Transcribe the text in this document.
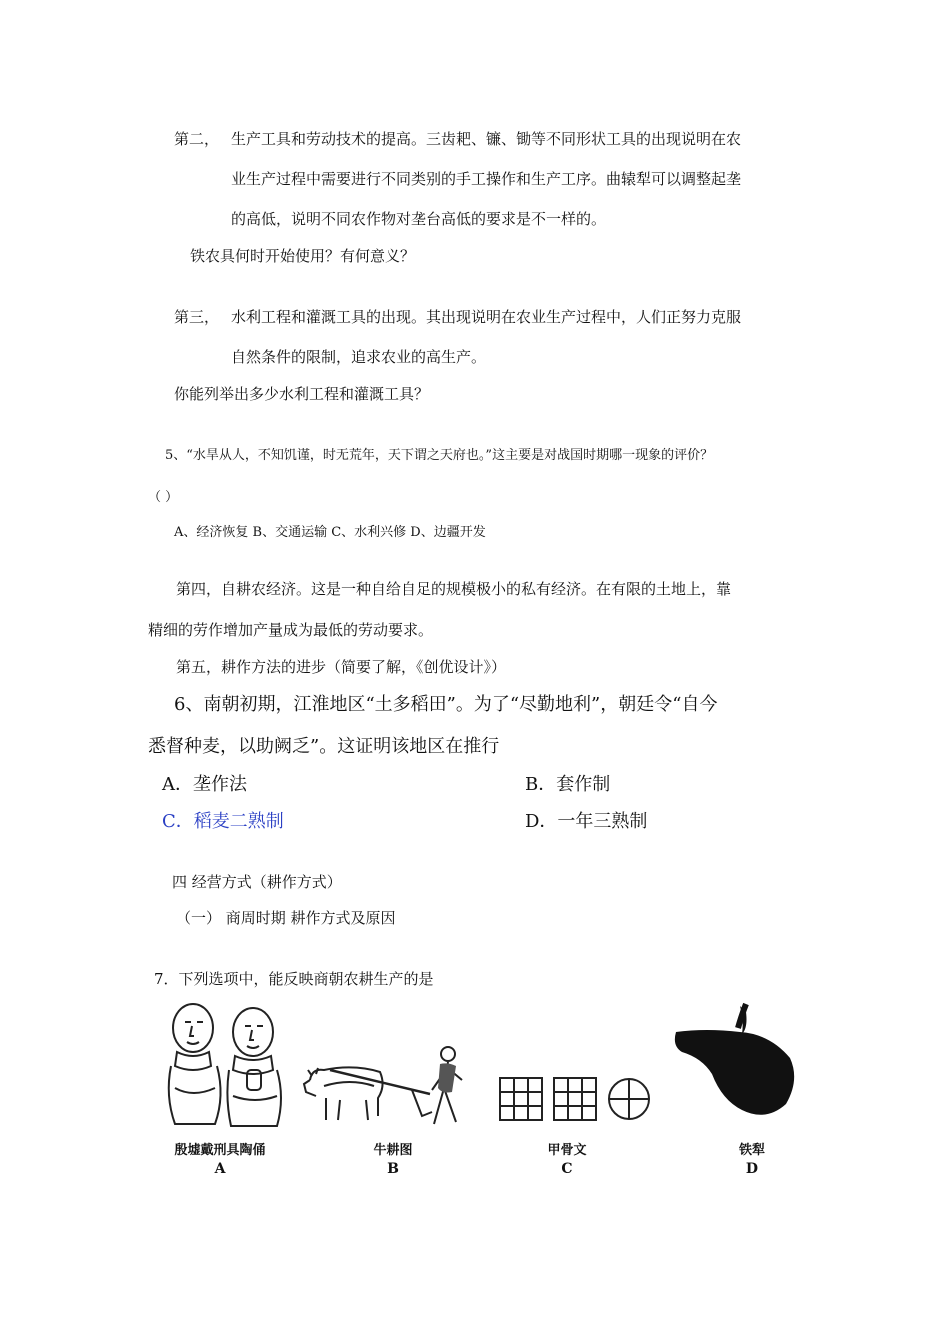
第二， 生产工具和劳动技术的提高。三齿耙、镰、锄等不同形状工具的出现说明在农
业生产过程中需要进行不同类别的手工操作和生产工序。曲辕犁可以调整起垄
的高低，说明不同农作物对垄台高低的要求是不一样的。
铁农具何时开始使用？有何意义？
第三， 水利工程和灌溉工具的出现。其出现说明在农业生产过程中，人们正努力克服
自然条件的限制，追求农业的高生产。
你能列举出多少水利工程和灌溉工具？
5、“水旱从人，不知饥谨，时无荒年，天下谓之天府也。”这主要是对战国时期哪一现象的评价？
（ ）
A、经济恢复 B、交通运输 C、水利兴修 D、边疆开发
第四，自耕农经济。这是一种自给自足的规模极小的私有经济。在有限的土地上，靠
精细的劳作增加产量成为最低的劳动要求。
第五，耕作方法的进步（简要了解，《创优设计》）
6、南朝初期，江淮地区“土多稻田”。为了“尽勤地利”，朝廷令“自今
悉督种麦，以助阙乏”。这证明该地区在推行
A．垄作法	B．套作制
C．稻麦二熟制	D．一年三熟制
四 经营方式（耕作方式）
（一） 商周时期 耕作方式及原因
7．下列选项中，能反映商朝农耕生产的是
殷墟戴刑具陶俑
A
牛耕图
B
甲骨文
C
铁犁
D
